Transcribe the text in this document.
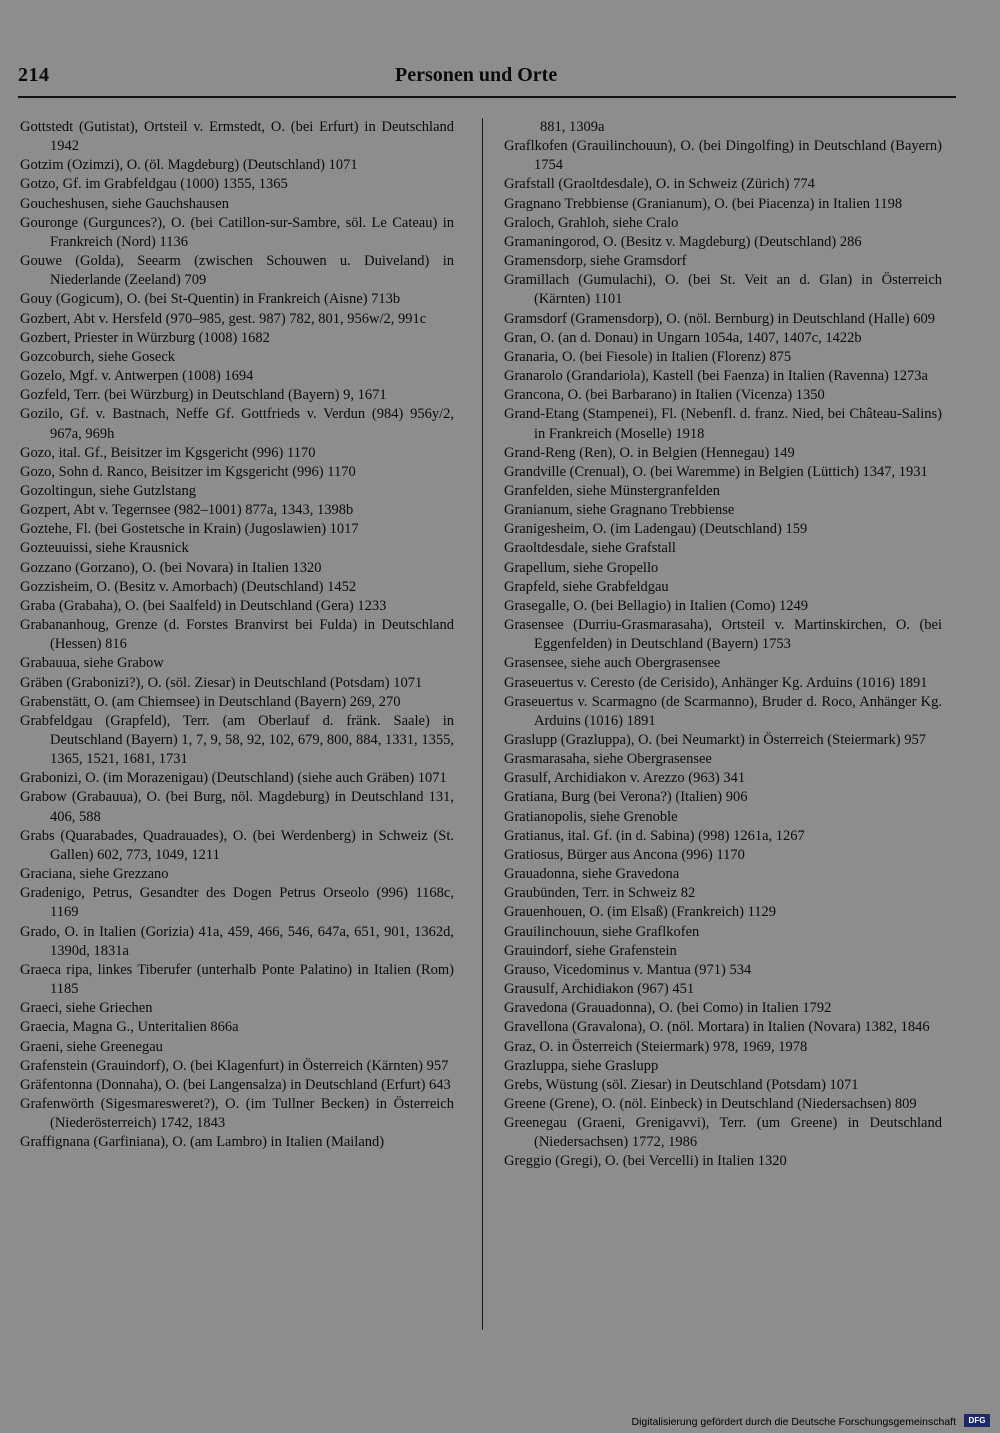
214	Personen und Orte
Gottstedt (Gutistat), Ortsteil v. Ermstedt, O. (bei Erfurt) in Deutschland 1942
Gotzim (Ozimzi), O. (öl. Magdeburg) (Deutschland) 1071
Gotzo, Gf. im Grabfeldgau (1000) 1355, 1365
Goucheshusen, siehe Gauchshausen
Gouronge (Gurgunces?), O. (bei Catillon-sur-Sambre, söl. Le Cateau) in Frankreich (Nord) 1136
Gouwe (Golda), Seearm (zwischen Schouwen u. Duiveland) in Niederlande (Zeeland) 709
Gouy (Gogicum), O. (bei St-Quentin) in Frankreich (Aisne) 713b
Gozbert, Abt v. Hersfeld (970–985, gest. 987) 782, 801, 956w/2, 991c
Gozbert, Priester in Würzburg (1008) 1682
Gozcoburch, siehe Goseck
Gozelo, Mgf. v. Antwerpen (1008) 1694
Gozfeld, Terr. (bei Würzburg) in Deutschland (Bayern) 9, 1671
Gozilo, Gf. v. Bastnach, Neffe Gf. Gottfrieds v. Verdun (984) 956y/2, 967a, 969h
Gozo, ital. Gf., Beisitzer im Kgsgericht (996) 1170
Gozo, Sohn d. Ranco, Beisitzer im Kgsgericht (996) 1170
Gozoltingun, siehe Gutzlstang
Gozpert, Abt v. Tegernsee (982–1001) 877a, 1343, 1398b
Goztehe, Fl. (bei Gostetsche in Krain) (Jugoslawien) 1017
Gozteuuissi, siehe Krausnick
Gozzano (Gorzano), O. (bei Novara) in Italien 1320
Gozzisheim, O. (Besitz v. Amorbach) (Deutschland) 1452
Graba (Grabaha), O. (bei Saalfeld) in Deutschland (Gera) 1233
Grabananhoug, Grenze (d. Forstes Branvirst bei Fulda) in Deutschland (Hessen) 816
Grabauua, siehe Grabow
Gräben (Grabonizi?), O. (söl. Ziesar) in Deutschland (Potsdam) 1071
Grabenstätt, O. (am Chiemsee) in Deutschland (Bayern) 269, 270
Grabfeldgau (Grapfeld), Terr. (am Oberlauf d. fränk. Saale) in Deutschland (Bayern) 1, 7, 9, 58, 92, 102, 679, 800, 884, 1331, 1355, 1365, 1521, 1681, 1731
Grabonizi, O. (im Morazenigau) (Deutschland) (siehe auch Gräben) 1071
Grabow (Grabauua), O. (bei Burg, nöl. Magdeburg) in Deutschland 131, 406, 588
Grabs (Quarabades, Quadrauades), O. (bei Werdenberg) in Schweiz (St. Gallen) 602, 773, 1049, 1211
Graciana, siehe Grezzano
Gradenigo, Petrus, Gesandter des Dogen Petrus Orseolo (996) 1168c, 1169
Grado, O. in Italien (Gorizia) 41a, 459, 466, 546, 647a, 651, 901, 1362d, 1390d, 1831a
Graeca ripa, linkes Tiberufer (unterhalb Ponte Palatino) in Italien (Rom) 1185
Graeci, siehe Griechen
Graecia, Magna G., Unteritalien 866a
Graeni, siehe Greenegau
Grafenstein (Grauindorf), O. (bei Klagenfurt) in Österreich (Kärnten) 957
Gräfentonna (Donnaha), O. (bei Langensalza) in Deutschland (Erfurt) 643
Grafenwörth (Sigesmaresweret?), O. (im Tullner Becken) in Österreich (Niederösterreich) 1742, 1843
Graffignana (Garfiniana), O. (am Lambro) in Italien (Mailand)
881, 1309a
Graflkofen (Grauilinchouun), O. (bei Dingolfing) in Deutschland (Bayern) 1754
Grafstall (Graoltdesdale), O. in Schweiz (Zürich) 774
Gragnano Trebbiense (Granianum), O. (bei Piacenza) in Italien 1198
Graloch, Grahloh, siehe Cralo
Gramaningorod, O. (Besitz v. Magdeburg) (Deutschland) 286
Gramensdorp, siehe Gramsdorf
Gramillach (Gumulachi), O. (bei St. Veit an d. Glan) in Österreich (Kärnten) 1101
Gramsdorf (Gramensdorp), O. (nöl. Bernburg) in Deutschland (Halle) 609
Gran, O. (an d. Donau) in Ungarn 1054a, 1407, 1407c, 1422b
Granaria, O. (bei Fiesole) in Italien (Florenz) 875
Granarolo (Grandariola), Kastell (bei Faenza) in Italien (Ravenna) 1273a
Grancona, O. (bei Barbarano) in Italien (Vicenza) 1350
Grand-Etang (Stampenei), Fl. (Nebenfl. d. franz. Nied, bei Château-Salins) in Frankreich (Moselle) 1918
Grand-Reng (Ren), O. in Belgien (Hennegau) 149
Grandville (Crenual), O. (bei Waremme) in Belgien (Lüttich) 1347, 1931
Granfelden, siehe Münstergranfelden
Granianum, siehe Gragnano Trebbiense
Granigesheim, O. (im Ladengau) (Deutschland) 159
Graoltdesdale, siehe Grafstall
Grapellum, siehe Gropello
Grapfeld, siehe Grabfeldgau
Grasegalle, O. (bei Bellagio) in Italien (Como) 1249
Grasensee (Durriu-Grasmarasaha), Ortsteil v. Martinskirchen, O. (bei Eggenfelden) in Deutschland (Bayern) 1753
Grasensee, siehe auch Obergrasensee
Graseuertus v. Ceresto (de Cerisido), Anhänger Kg. Arduins (1016) 1891
Graseuertus v. Scarmagno (de Scarmanno), Bruder d. Roco, Anhänger Kg. Arduins (1016) 1891
Graslupp (Grazluppa), O. (bei Neumarkt) in Österreich (Steiermark) 957
Grasmarasaha, siehe Obergrasensee
Grasulf, Archidiakon v. Arezzo (963) 341
Gratiana, Burg (bei Verona?) (Italien) 906
Gratianopolis, siehe Grenoble
Gratianus, ital. Gf. (in d. Sabina) (998) 1261a, 1267
Gratiosus, Bürger aus Ancona (996) 1170
Grauadonna, siehe Gravedona
Graubünden, Terr. in Schweiz 82
Grauenhouen, O. (im Elsaß) (Frankreich) 1129
Grauilinchouun, siehe Graflkofen
Grauindorf, siehe Grafenstein
Grauso, Vicedominus v. Mantua (971) 534
Grausulf, Archidiakon (967) 451
Gravedona (Grauadonna), O. (bei Como) in Italien 1792
Gravellona (Gravalona), O. (nöl. Mortara) in Italien (Novara) 1382, 1846
Graz, O. in Österreich (Steiermark) 978, 1969, 1978
Grazluppa, siehe Graslupp
Grebs, Wüstung (söl. Ziesar) in Deutschland (Potsdam) 1071
Greene (Grene), O. (nöl. Einbeck) in Deutschland (Niedersachsen) 809
Greenegau (Graeni, Grenigavvi), Terr. (um Greene) in Deutschland (Niedersachsen) 1772, 1986
Greggio (Gregi), O. (bei Vercelli) in Italien 1320
Digitalisierung gefördert durch die Deutsche Forschungsgemeinschaft	DFG
